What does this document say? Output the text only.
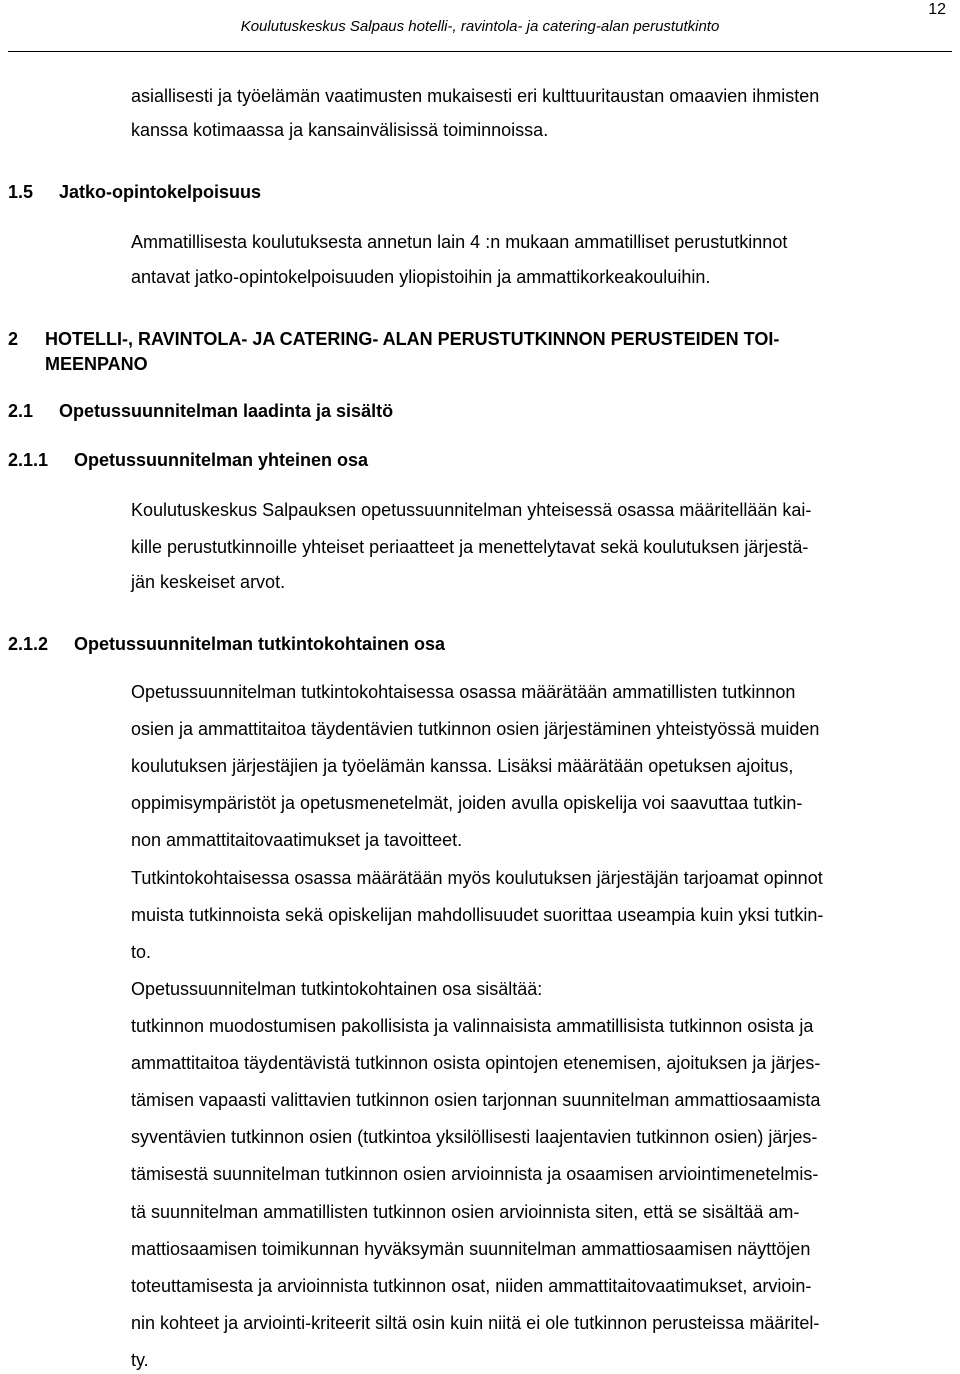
Koulutuskeskus Salpaus hotelli-, ravintola- ja catering-alan perustutkinto
12
asiallisesti ja työelämän vaatimusten mukaisesti eri kulttuuritaustan omaavien ihmisten
kanssa kotimaassa ja kansainvälisissä toiminnoissa.
1.5 Jatko-opintokelpoisuus
Ammatillisesta koulutuksesta annetun lain 4 :n mukaan ammatilliset perustutkinnot
antavat jatko-opintokelpoisuuden yliopistoihin ja ammattikorkeakouluihin.
2 HOTELLI-, RAVINTOLA- JA CATERING- ALAN PERUSTUTKINNON PERUSTEIDEN TOI-
MEENPANO
2.1 Opetussuunnitelman laadinta ja sisältö
2.1.1 Opetussuunnitelman yhteinen osa
Koulutuskeskus Salpauksen opetussuunnitelman yhteisessä osassa määritellään kai-
kille perustutkinnoille yhteiset periaatteet ja menettelytavat sekä koulutuksen järjestä-
jän keskeiset arvot.
2.1.2 Opetussuunnitelman tutkintokohtainen osa
Opetussuunnitelman tutkintokohtaisessa osassa määrätään ammatillisten tutkinnon
osien ja ammattitaitoa täydentävien tutkinnon osien järjestäminen yhteistyössä muiden
koulutuksen järjestäjien ja työelämän kanssa. Lisäksi määrätään opetuksen ajoitus,
oppimisympäristöt ja opetusmenetelmät, joiden avulla opiskelija voi saavuttaa tutkin-
non ammattitaitovaatimukset ja tavoitteet.
Tutkintokohtaisessa osassa määrätään myös koulutuksen järjestäjän tarjoamat opinnot
muista tutkinnoista sekä opiskelijan mahdollisuudet suorittaa useampia kuin yksi tutkin-
to.
Opetussuunnitelman tutkintokohtainen osa sisältää:
tutkinnon muodostumisen pakollisista ja valinnaisista ammatillisista tutkinnon osista ja
ammattitaitoa täydentävistä tutkinnon osista opintojen etenemisen, ajoituksen ja järjes-
tämisen vapaasti valittavien tutkinnon osien tarjonnan suunnitelman ammattiosaamista
syventävien tutkinnon osien (tutkintoa yksilöllisesti laajentavien tutkinnon osien) järjes-
tämisestä suunnitelman tutkinnon osien arvioinnista ja osaamisen arviointimenetelmis-
tä suunnitelman ammatillisten tutkinnon osien arvioinnista siten, että se sisältää am-
mattiosaamisen toimikunnan hyväksymän suunnitelman ammattiosaamisen näyttöjen
toteuttamisesta ja arvioinnista tutkinnon osat, niiden ammattitaitovaatimukset, arvioin-
nin kohteet ja arviointi-kriteerit siltä osin kuin niitä ei ole tutkinnon perusteissa määritel-
ty.
